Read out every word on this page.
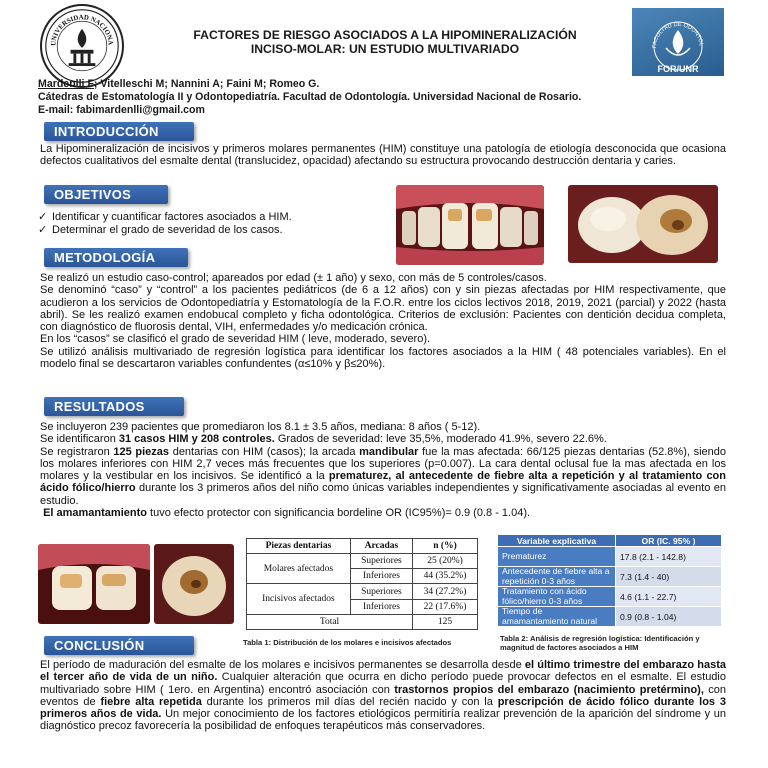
UNIVERSIDAD NACIONA
FACTORES DE RIESGO ASOCIADOS A LA HIPOMINERALIZACIÓN
INCISO-MOLAR: UN ESTUDIO MULTIVARIADO	FACULTAD DE ODONTOL
FOR/UNR
Mardenlli F; Vitelleschi M; Nannini A; Faini M; Romeo G.
Cátedras de Estomatología II y Odontopediatría. Facultad de Odontología. Universidad Nacional de Rosario.
E-mail: fabimardenlli@gmail.com
INTRODUCCIÓN
La Hipomineralización de incisivos y primeros molares permanentes (HIM) constituye una patología de etiología desconocida que ocasiona defectos cualitativos del esmalte dental (translucidez, opacidad) afectando su estructura provocando destrucción dentaria y caries.
OBJETIVOS
✓ Identificar y cuantificar factores asociados a HIM.
✓ Determinar el grado de severidad de los casos.
METODOLOGÍA

Se realizó un estudio caso-control; apareados por edad (± 1 año) y sexo, con más de 5 controles/casos.

Se denominó “caso” y “control” a los pacientes pediátricos (de 6 a 12 años) con y sin piezas afectadas por HIM respectivamente, que acudieron a los servicios de Odontopediatría y Estomatología de la F.O.R. entre los ciclos lectivos 2018, 2019, 2021 (parcial) y 2022 (hasta abril). Se les realizó examen endobucal completo y ficha odontológica. Criterios de exclusión: Pacientes con dentición decidua completa, con diagnóstico de fluorosis dental, VIH, enfermedades y/o medicación crónica.

En los “casos” se clasificó el grado de severidad HIM ( leve, moderado, severo).

Se utilizó análisis multivariado de regresión logística para identificar los factores asociados a la HIM ( 48 potenciales variables). En el modelo final se descartaron variables confundentes (α≤10% y β≤20%).

RESULTADOS

Se incluyeron 239 pacientes que promediaron los 8.1 ± 3.5 años, mediana: 8 años ( 5-12).

Se identificaron 31 casos HIM y 208 controles. Grados de severidad: leve 35,5%, moderado 41.9%, severo 22.6%.

Se registraron 125 piezas dentarias con HIM (casos); la arcada mandibular fue la mas afectada: 66/125 piezas dentarias (52.8%), siendo los molares inferiores con HIM 2,7 veces más frecuentes que los superiores (p=0.007). La cara dental oclusal fue la mas afectada en los molares y la vestibular en los incisivos. Se identificó a la prematurez, al antecedente de fiebre alta a repetición y al tratamiento con ácido fólico/hierro durante los 3 primeros años del niño como únicas variables independientes y significativamente asociadas al evento en estudio.

El amamantamiento tuvo efecto protector con significancia bordeline OR (IC95%)= 0.9 (0.8 - 1.04).

Piezas dentarias	Arcadas	n (%)
Molares afectados	Superiores	25 (20%)
	Inferiores	44 (35.2%)
Incisivos afectados	Superiores	34 (27.2%)
	Inferiores	22 (17.6%)
Total		125
Tabla 1: Distribución de los molares e incisivos afectados
Variable explicativa	OR (IC. 95% )
Prematurez	17.8 (2.1 - 142.8)
Antecedente de fiebre alta a repetición 0-3 años	7.3 (1.4 - 40)
Tratamiento con ácido fólico/hierro 0-3 años	4.6 (1.1 - 22.7)
Tiempo de amamantamiento natural	0.9 (0.8 - 1.04)
Tabla 2: Análisis de regresión logística: Identificación y magnitud de factores asociados a HIM
CONCLUSIÓN
El período de maduración del esmalte de los molares e incisivos permanentes se desarrolla desde el último trimestre del embarazo hasta el tercer año de vida de un niño. Cualquier alteración que ocurra en dicho período puede provocar defectos en el esmalte. El estudio multivariado sobre HIM ( 1ero. en Argentina) encontró asociación con trastornos propios del embarazo (nacimiento pretérmino), con eventos de fiebre alta repetida durante los primeros mil días del recién nacido y con la prescripción de ácido fólico durante los 3 primeros años de vida. Un mejor conocimiento de los factores etiológicos permitiría realizar prevención de la aparición del síndrome y un diagnóstico precoz favorecería la posibilidad de enfoques terapéuticos más conservadores.
